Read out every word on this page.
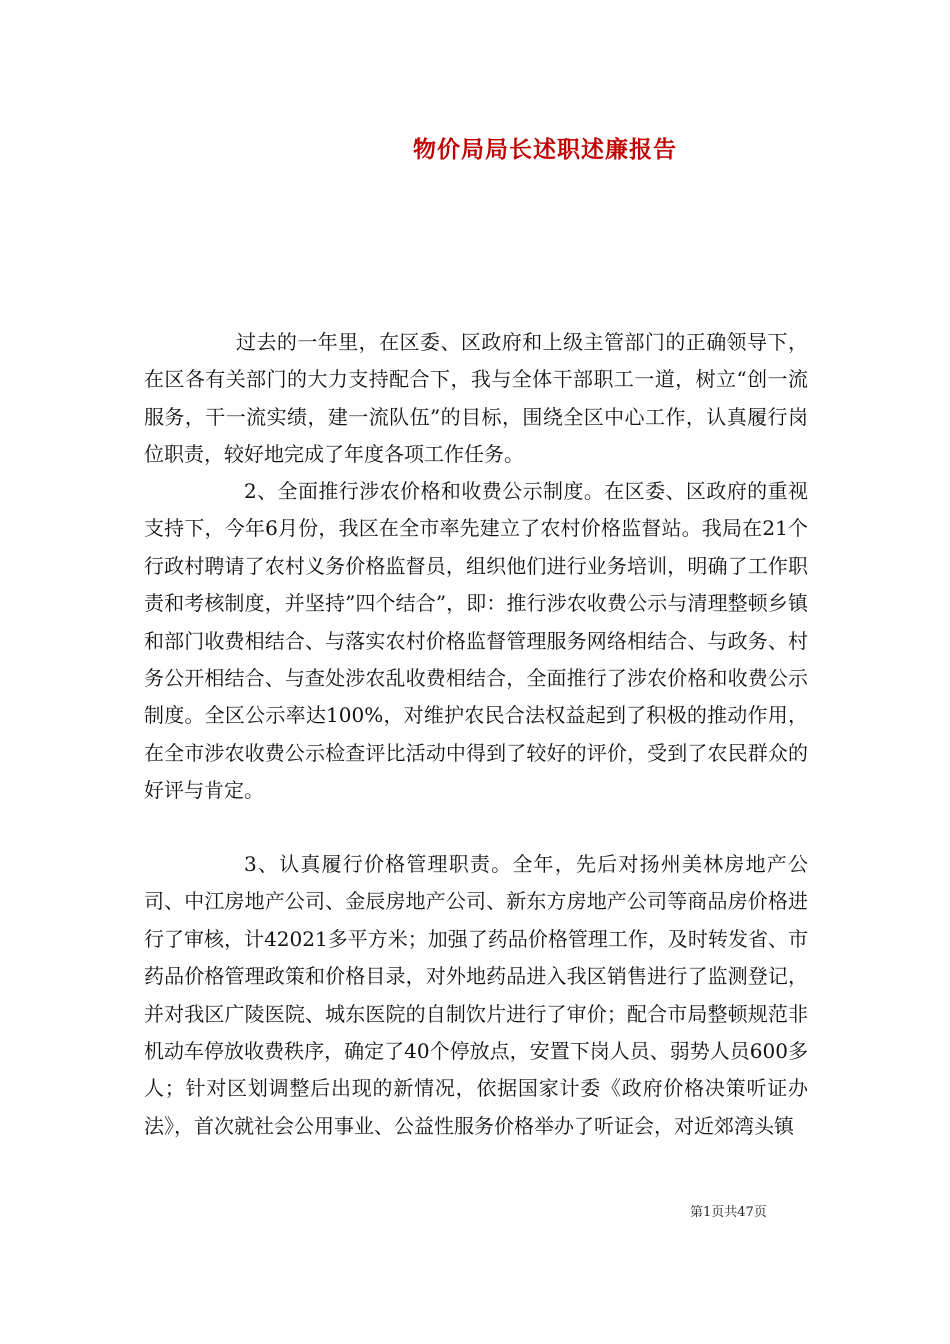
物价局局长述职述廉报告

过去的一年里，在区委、区政府和上级主管部门的正确领导下，在区各有关部门的大力支持配合下，我与全体干部职工一道，树立“创一流服务，干一流实绩，建一流队伍”的目标，围绕全区中心工作，认真履行岗位职责，较好地完成了年度各项工作任务。

2、全面推行涉农价格和收费公示制度。在区委、区政府的重视支持下，今年6月份，我区在全市率先建立了农村价格监督站。我局在21个行政村聘请了农村义务价格监督员，组织他们进行业务培训，明确了工作职责和考核制度，并坚持”四个结合”，即：推行涉农收费公示与清理整顿乡镇和部门收费相结合、与落实农村价格监督管理服务网络相结合、与政务、村务公开相结合、与查处涉农乱收费相结合，全面推行了涉农价格和收费公示制度。全区公示率达100%，对维护农民合法权益起到了积极的推动作用，在全市涉农收费公示检查评比活动中得到了较好的评价，受到了农民群众的好评与肯定。

3、认真履行价格管理职责。全年，先后对扬州美林房地产公司、中江房地产公司、金辰房地产公司、新东方房地产公司等商品房价格进行了审核，计42021多平方米；加强了药品价格管理工作，及时转发省、市药品价格管理政策和价格目录，对外地药品进入我区销售进行了监测登记，并对我区广陵医院、城东医院的自制饮片进行了审价；配合市局整顿规范非机动车停放收费秩序，确定了40个停放点，安置下岗人员、弱势人员600多人；针对区划调整后出现的新情况，依据国家计委《政府价格决策听证办法》，首次就社会公用事业、公益性服务价格举办了听证会，对近郊湾头镇

第1页共47页
